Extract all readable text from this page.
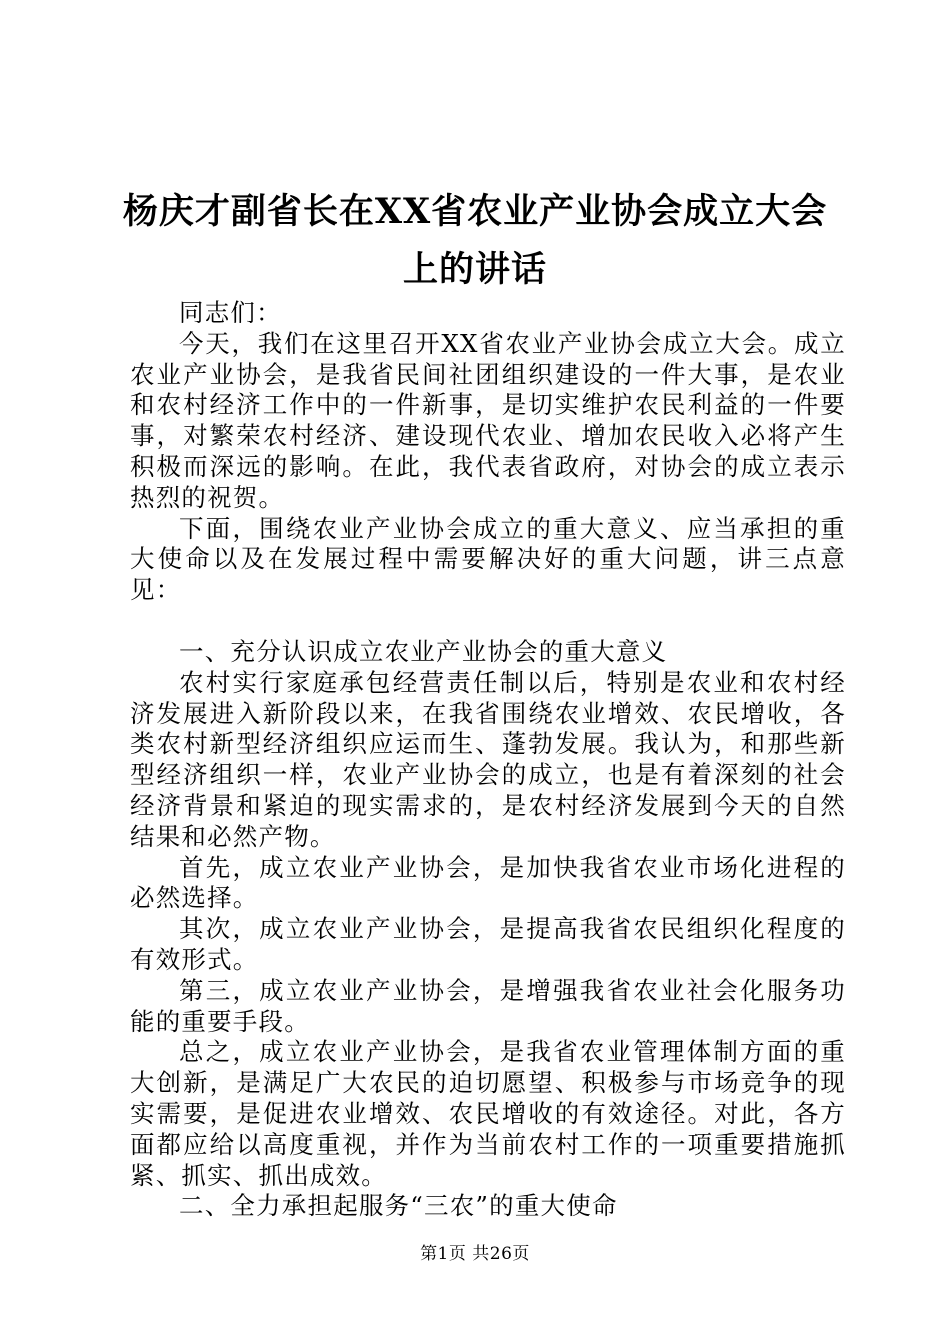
杨庆才副省长在XX省农业产业协会成立大会
上的讲话

同志们：

今天，我们在这里召开XX省农业产业协会成立大会。成立农业产业协会，是我省民间社团组织建设的一件大事，是农业和农村经济工作中的一件新事，是切实维护农民利益的一件要事，对繁荣农村经济、建设现代农业、增加农民收入必将产生积极而深远的影响。在此，我代表省政府，对协会的成立表示热烈的祝贺。

下面，围绕农业产业协会成立的重大意义、应当承担的重大使命以及在发展过程中需要解决好的重大问题，讲三点意见：

一、充分认识成立农业产业协会的重大意义

农村实行家庭承包经营责任制以后，特别是农业和农村经济发展进入新阶段以来，在我省围绕农业增效、农民增收，各类农村新型经济组织应运而生、蓬勃发展。我认为，和那些新型经济组织一样，农业产业协会的成立，也是有着深刻的社会经济背景和紧迫的现实需求的，是农村经济发展到今天的自然结果和必然产物。

首先，成立农业产业协会，是加快我省农业市场化进程的必然选择。

其次，成立农业产业协会，是提高我省农民组织化程度的有效形式。

第三，成立农业产业协会，是增强我省农业社会化服务功能的重要手段。

总之，成立农业产业协会，是我省农业管理体制方面的重大创新，是满足广大农民的迫切愿望、积极参与市场竞争的现实需要，是促进农业增效、农民增收的有效途径。对此，各方面都应给以高度重视，并作为当前农村工作的一项重要措施抓紧、抓实、抓出成效。

二、全力承担起服务“三农”的重大使命

第1页 共26页
